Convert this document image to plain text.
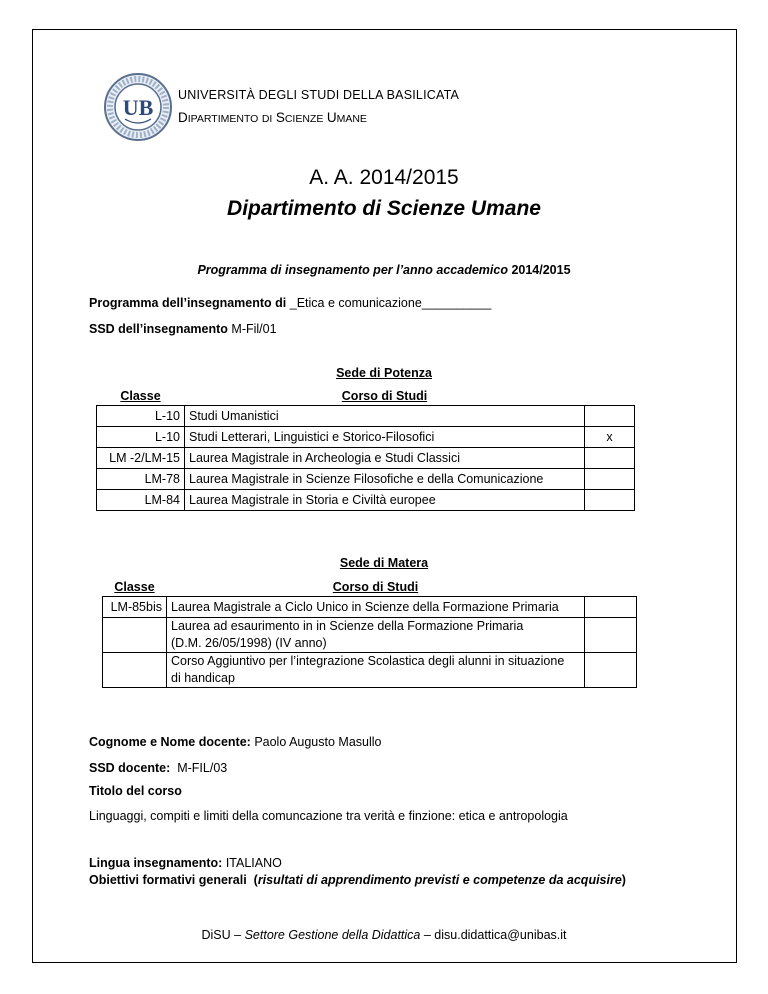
UB UNIVERSITÀ DEGLI STUDI DELLA BASILICATA
DIPARTIMENTO DI SCIENZE UMANE
A. A. 2014/2015
Dipartimento di Scienze Umane
Programma di insegnamento per l’anno accademico 2014/2015
Programma dell’insegnamento di _Etica e comunicazione__________
SSD dell’insegnamento M-Fil/01
Sede di Potenza
Classe	Corso di Studi	
L-10	Studi Umanistici	
L-10	Studi Letterari, Linguistici e Storico-Filosofici	x
LM -2/LM-15	Laurea Magistrale in Archeologia e Studi Classici	
LM-78	Laurea Magistrale in Scienze Filosofiche e della Comunicazione	
LM-84	Laurea Magistrale in Storia e Civiltà europee	
Sede di Matera
Classe	Corso di Studi	
LM-85bis	Laurea Magistrale a Ciclo Unico in Scienze della Formazione Primaria	
	Laurea ad esaurimento in in Scienze della Formazione Primaria
(D.M. 26/05/1998) (IV anno)	
	Corso Aggiuntivo per l’integrazione Scolastica degli alunni in situazione
di handicap	
Cognome e Nome docente: Paolo Augusto Masullo
SSD docente: M-FIL/03
Titolo del corso
Linguaggi, compiti e limiti della comuncazione tra verità e finzione: etica e antropologia
Lingua insegnamento: ITALIANO
Obiettivi formativi generali (risultati di apprendimento previsti e competenze da acquisire)
DiSU – Settore Gestione della Didattica – disu.didattica@unibas.it
